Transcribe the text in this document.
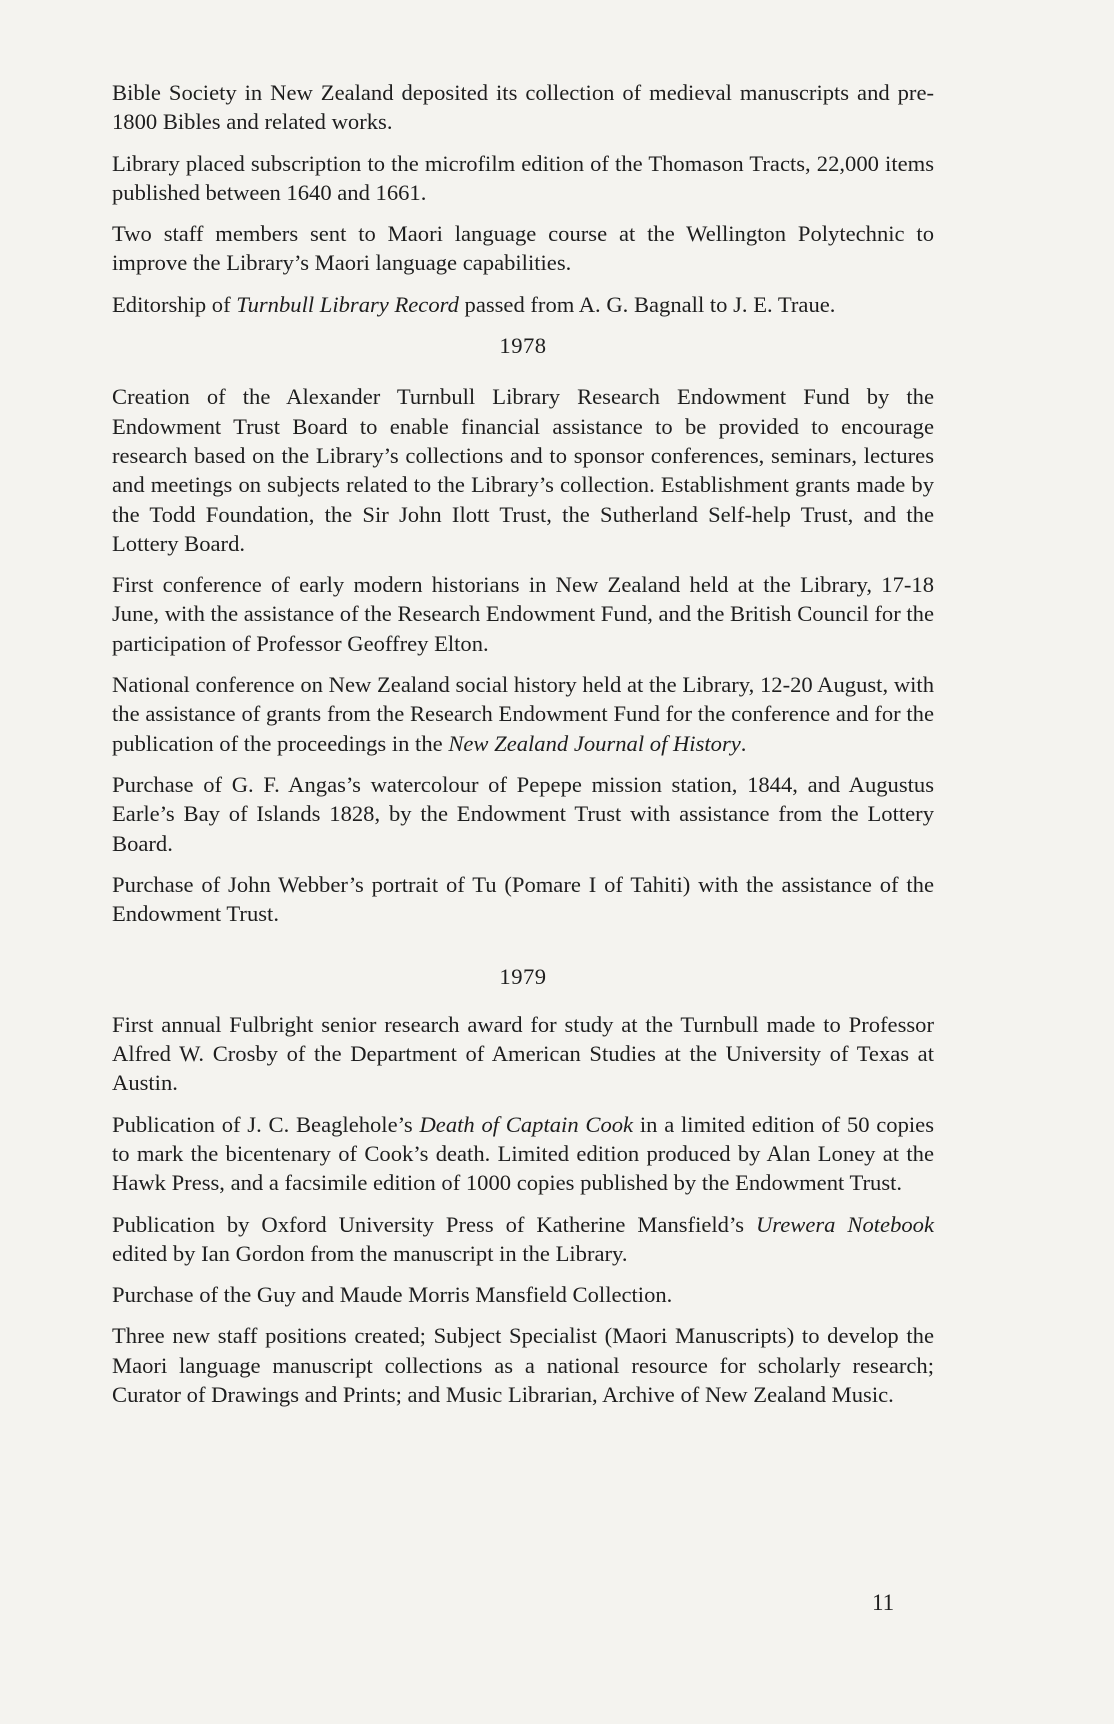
Bible Society in New Zealand deposited its collection of medieval manuscripts and pre-1800 Bibles and related works.

Library placed subscription to the microfilm edition of the Thomason Tracts, 22,000 items published between 1640 and 1661.

Two staff members sent to Maori language course at the Wellington Polytechnic to improve the Library’s Maori language capabilities.

Editorship of Turnbull Library Record passed from A. G. Bagnall to J. E. Traue.

1978

Creation of the Alexander Turnbull Library Research Endowment Fund by the Endowment Trust Board to enable financial assistance to be provided to encourage research based on the Library’s collections and to sponsor conferences, seminars, lectures and meetings on subjects related to the Library’s collection. Establishment grants made by the Todd Foundation, the Sir John Ilott Trust, the Sutherland Self-help Trust, and the Lottery Board.

First conference of early modern historians in New Zealand held at the Library, 17-18 June, with the assistance of the Research Endowment Fund, and the British Council for the participation of Professor Geoffrey Elton.

National conference on New Zealand social history held at the Library, 12-20 August, with the assistance of grants from the Research Endowment Fund for the conference and for the publication of the proceedings in the New Zealand Journal of History.

Purchase of G. F. Angas’s watercolour of Pepepe mission station, 1844, and Augustus Earle’s Bay of Islands 1828, by the Endowment Trust with assistance from the Lottery Board.

Purchase of John Webber’s portrait of Tu (Pomare I of Tahiti) with the assistance of the Endowment Trust.

1979

First annual Fulbright senior research award for study at the Turnbull made to Professor Alfred W. Crosby of the Department of American Studies at the University of Texas at Austin.

Publication of J. C. Beaglehole’s Death of Captain Cook in a limited edition of 50 copies to mark the bicentenary of Cook’s death. Limited edition produced by Alan Loney at the Hawk Press, and a facsimile edition of 1000 copies published by the Endowment Trust.

Publication by Oxford University Press of Katherine Mansfield’s Urewera Notebook edited by Ian Gordon from the manuscript in the Library.

Purchase of the Guy and Maude Morris Mansfield Collection.

Three new staff positions created; Subject Specialist (Maori Manuscripts) to develop the Maori language manuscript collections as a national resource for scholarly research; Curator of Drawings and Prints; and Music Librarian, Archive of New Zealand Music.

11
